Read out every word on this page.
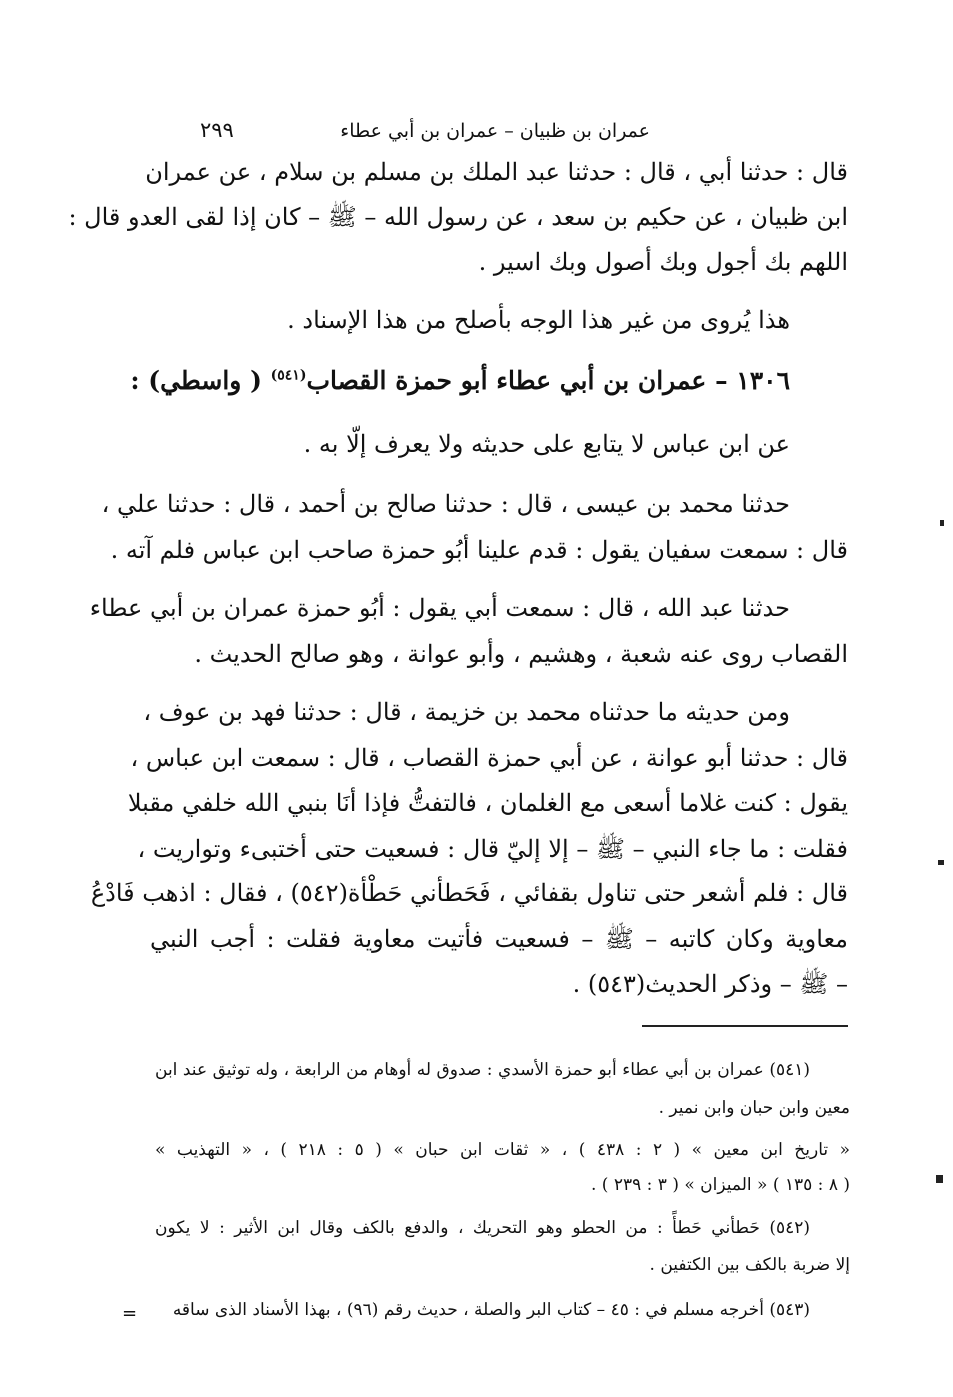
عمران بن ظبيان – عمران بن أبي عطاء
٢٩٩
قال : حدثنا أبي ، قال : حدثنا عبد الملك بن مسلم بن سلام ، عن عمران
ابن ظبيان ، عن حكيم بن سعد ، عن رسول الله – ﷺ – كان إذا لقى العدو قال :
اللهم بك أجول وبك أصول وبك اسير .
هذا يُروى من غير هذا الوجه بأصلح من هذا الإسناد .
١٣٠٦ – عمران بن أبي عطاء أبو حمزة القصاب$^{(٥٤١)}$ ( واسطي) :
عن ابن عباس لا يتابع على حديثه ولا يعرف إلّا به .
حدثنا محمد بن عيسى ، قال : حدثنا صالح بن أحمد ، قال : حدثنا علي ،
قال : سمعت سفيان يقول : قدم علينا أبُو حمزة صاحب ابن عباس فلم آته .
حدثنا عبد الله ، قال : سمعت أبي يقول : أبُو حمزة عمران بن أبي عطاء
القصاب روى عنه شعبة ، وهشيم ، وأبو عوانة ، وهو صالح الحديث .
ومن حديثه ما حدثناه محمد بن خزيمة ، قال : حدثنا فهد بن عوف ،
قال : حدثنا أبو عوانة ، عن أبي حمزة القصاب ، قال : سمعت ابن عباس ،
يقول : كنت غلاما أسعى مع الغلمان ، فالتفتُّ فإذا أنَا بنبي الله خلفي مقبلا
فقلت : ما جاء النبي – ﷺ – إلا إليّ قال : فسعيت حتى أختبىء وتواريت ،
قال : فلم أشعر حتى تناول بقفائي ، فَحَطأني حَطْأة(٥٤٢) ، فقال : اذهب فَادْعُ
معاوية وكان كاتبه – ﷺ – فسعيت فأتيت معاوية فقلت : أجب النبي
– ﷺ – وذكر الحديث(٥٤٣) .
(٥٤١) عمران بن أبي عطاء أبو حمزة الأسدي : صدوق له أوهام من الرابعة ، وله توثيق عند ابن
معين وابن حبان وابن نمير .
« تاريخ ابن معين » ( ٢ : ٤٣٨ ) ، « ثقات ابن حبان » ( ٥ : ٢١٨ ) ، « التهذيب »
( ٨ : ١٣٥ ) « الميزان » ( ٣ : ٢٣٩ ) .
(٥٤٢) حَطأني حَطأً : من الحطو وهو التحريك ، والدفع بالكف وقال ابن الأثير : لا يكون
إلا ضربة بالكف بين الكتفين .
(٥٤٣) أخرجه مسلم في : ٤٥ – كتاب البر والصلة ، حديث رقم (٩٦) ، بهذا الأسناد الذى ساقه
=
